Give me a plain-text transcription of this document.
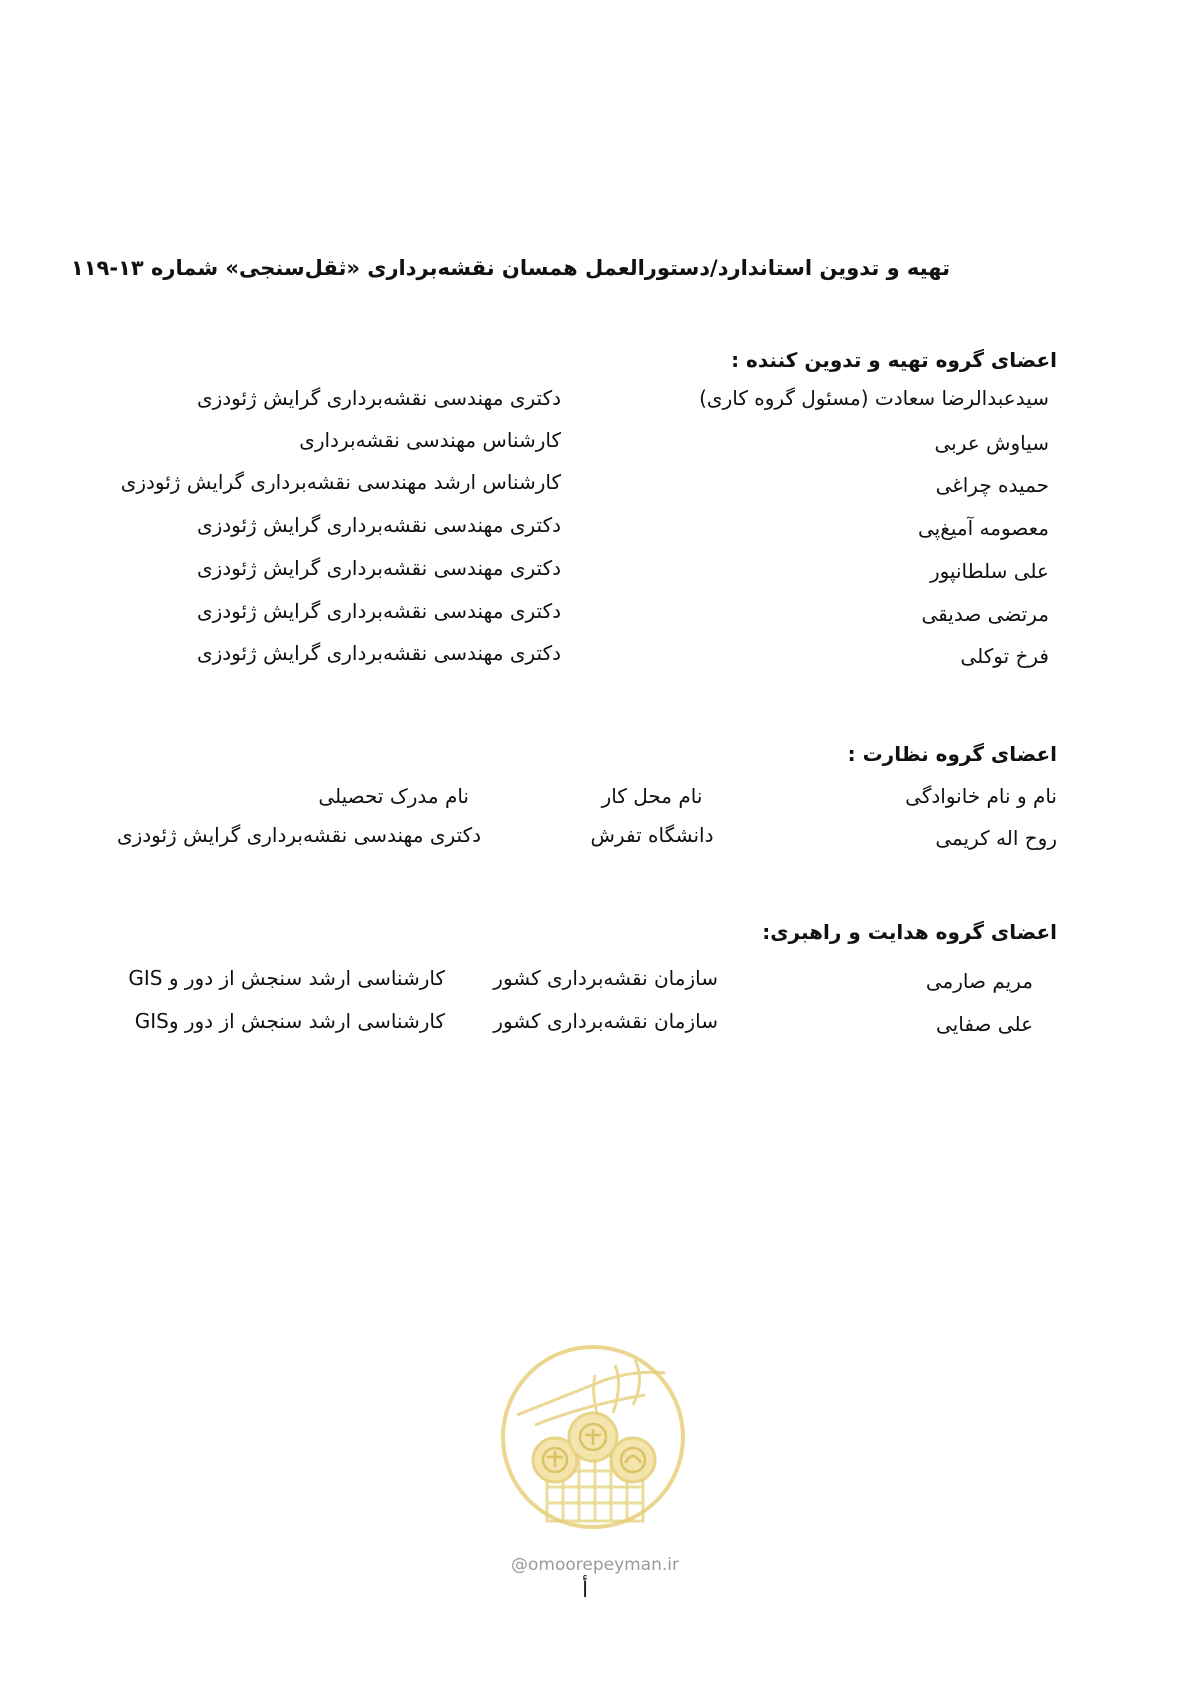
تهیه و تدوین استاندارد/دستورالعمل همسان نقشه‌برداری «ثقل‌سنجی» شماره ۱۳-۱۱۹
اعضای گروه تهیه و تدوین کننده :
سیدعبدالرضا سعادت (مسئول گروه کاری)
دکتری مهندسی نقشه‌برداری گرایش ژئودزی
سیاوش عربی
کارشناس مهندسی نقشه‌برداری
حمیده چراغی
کارشناس ارشد مهندسی نقشه‌برداری گرایش ژئودزی
معصومه آمیغ‌پی
دکتری مهندسی نقشه‌برداری گرایش ژئودزی
علی سلطانپور
دکتری مهندسی نقشه‌برداری گرایش ژئودزی
مرتضی صدیقی
دکتری مهندسی نقشه‌برداری گرایش ژئودزی
فرخ توکلی
دکتری مهندسی نقشه‌برداری گرایش ژئودزی
اعضای گروه نظارت :
نام و نام خانوادگی
نام محل کار
نام مدرک تحصیلی
روح اله کریمی
دانشگاه تفرش
دکتری مهندسی نقشه‌برداری گرایش ژئودزی
اعضای گروه هدایت و راهبری:
مریم صارمی
سازمان نقشه‌برداری کشور
کارشناسی ارشد سنجش از دور و GIS
علی صفایی
سازمان نقشه‌برداری کشور
کارشناسی ارشد سنجش از دور وGIS
@omoorepeyman.ir
أ
